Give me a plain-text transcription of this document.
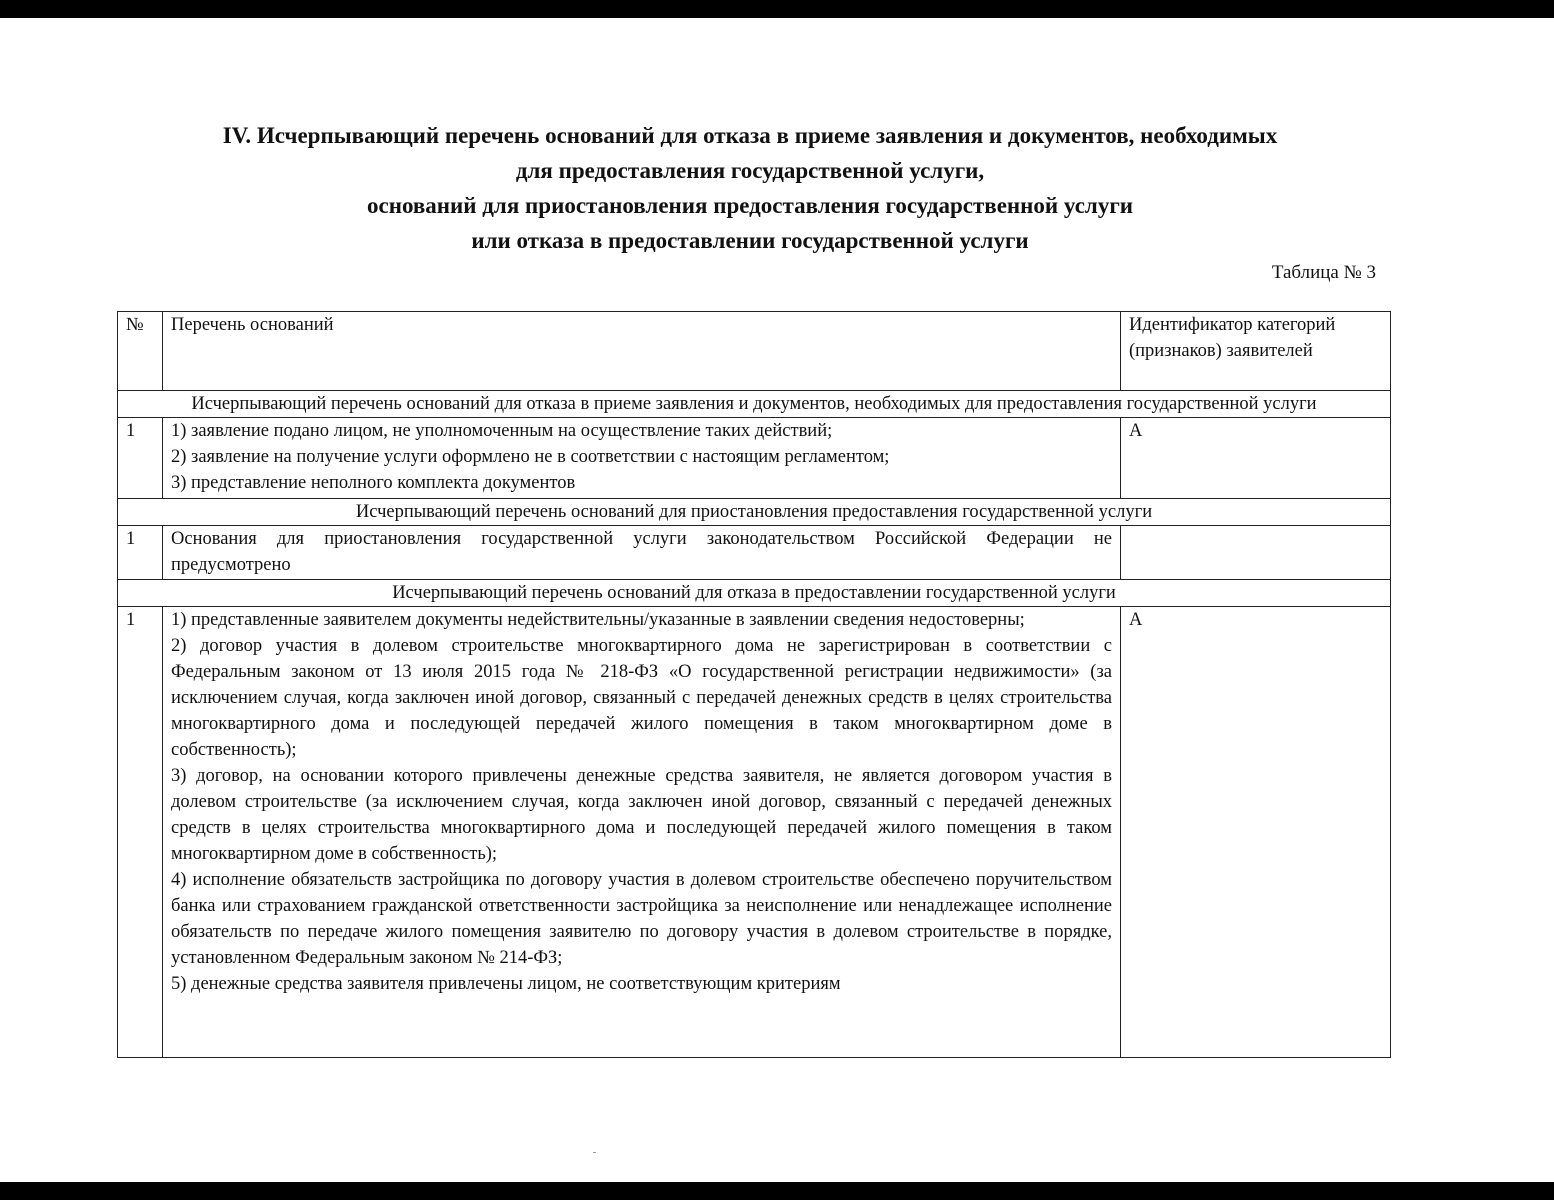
IV. Исчерпывающий перечень оснований для отказа в приеме заявления и документов, необходимых
для предоставления государственной услуги,
оснований для приостановления предоставления государственной услуги
или отказа в предоставлении государственной услуги
Таблица № 3
№	Перечень оснований	Идентификатор категорий (признаков) заявителей
Исчерпывающий перечень оснований для отказа в приеме заявления и документов, необходимых для предоставления государственной услуги		
1	1) заявление подано лицом, не уполномоченным на осуществление таких действий;
2) заявление на получение услуги оформлено не в соответствии с настоящим регламентом;
3) представление неполного комплекта документов	А
Исчерпывающий перечень оснований для приостановления предоставления государственной услуги		
1	Основания для приостановления государственной услуги законодательством Российской Федерации не предусмотрено	

Исчерпывающий перечень оснований для отказа в предоставлении государственной услуги		
1	1) представленные заявителем документы недействительны/указанные в заявлении сведения недостоверны;

2) договор участия в долевом строительстве многоквартирного дома не зарегистрирован в соответствии с Федеральным законом от 13 июля 2015 года № 218-ФЗ «О государственной регистрации недвижимости» (за исключением случая, когда заключен иной договор, связанный с передачей денежных средств в целях строительства многоквартирного дома и последующей передачей жилого помещения в таком многоквартирном доме в собственность);

3) договор, на основании которого привлечены денежные средства заявителя, не является договором участия в долевом строительстве (за исключением случая, когда заключен иной договор, связанный с передачей денежных средств в целях строительства многоквартирного дома и последующей передачей жилого помещения в таком многоквартирном доме в собственность);

4) исполнение обязательств застройщика по договору участия в долевом строительстве обеспечено поручительством банка или страхованием гражданской ответственности застройщика за неисполнение или ненадлежащее исполнение обязательств по передаче жилого помещения заявителю по договору участия в долевом строительстве в порядке, установленном Федеральным законом № 214-ФЗ;

5) денежные средства заявителя привлечены лицом, не соответствующим критериям	А
